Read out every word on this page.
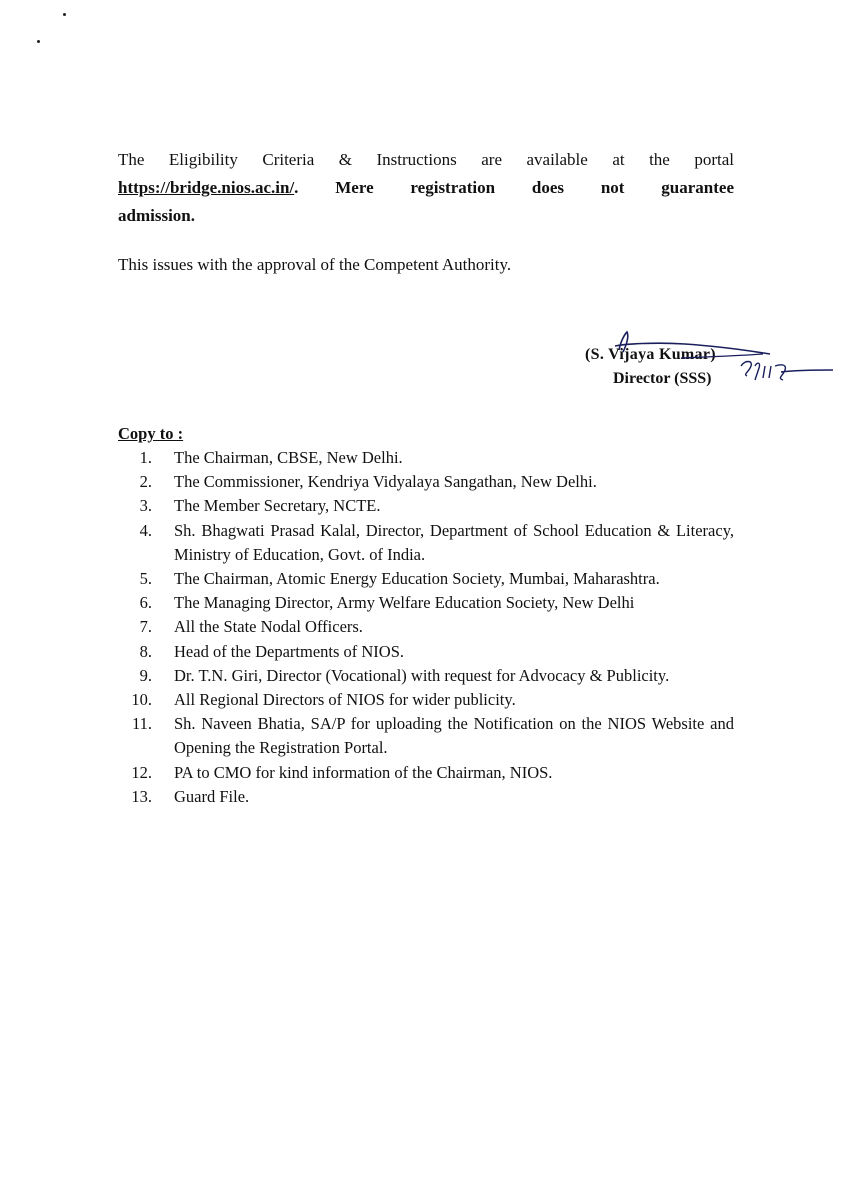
The Eligibility Criteria & Instructions are available at the portal
https://bridge.nios.ac.in/. Mere registration does not guarantee
admission.
This issues with the approval of the Competent Authority.
(S. Vijaya Kumar)
Director (SSS)
Copy to :
1. The Chairman, CBSE, New Delhi.
2. The Commissioner, Kendriya Vidyalaya Sangathan, New Delhi.
3. The Member Secretary, NCTE.
4. Sh. Bhagwati Prasad Kalal, Director, Department of School Education & Literacy, Ministry of Education, Govt. of India.
5. The Chairman, Atomic Energy Education Society, Mumbai, Maharashtra.
6. The Managing Director, Army Welfare Education Society, New Delhi
7. All the State Nodal Officers.
8. Head of the Departments of NIOS.
9. Dr. T.N. Giri, Director (Vocational) with request for Advocacy & Publicity.
10. All Regional Directors of NIOS for wider publicity.
11. Sh. Naveen Bhatia, SA/P for uploading the Notification on the NIOS Website and Opening the Registration Portal.
12. PA to CMO for kind information of the Chairman, NIOS.
13. Guard File.
